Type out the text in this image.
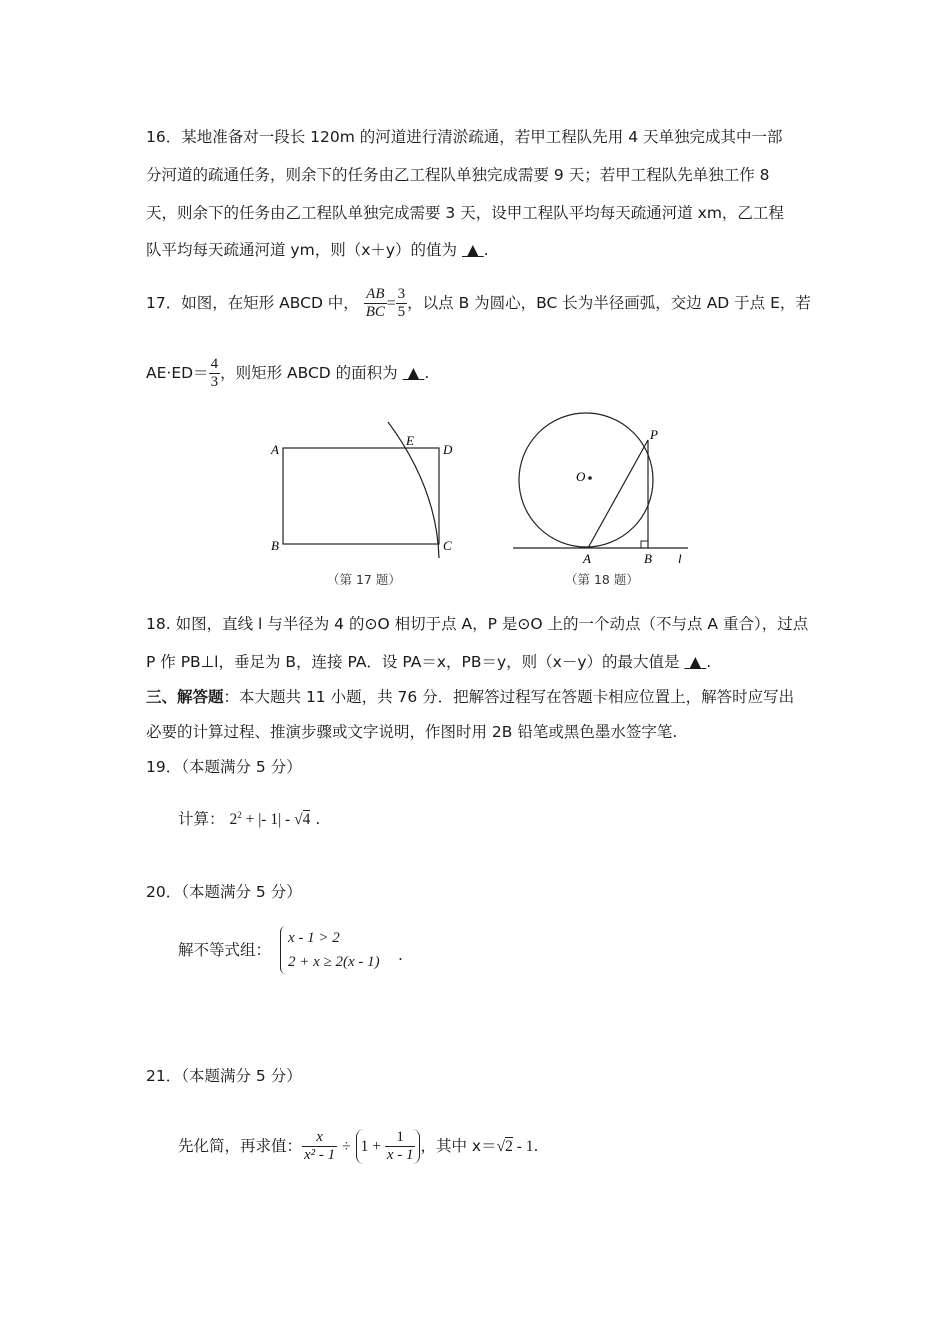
16．某地准备对一段长 120m 的河道进行清淤疏通，若甲工程队先用 4 天单独完成其中一部
分河道的疏通任务，则余下的任务由乙工程队单独完成需要 9 天；若甲工程队先单独工作 8
天，则余下的任务由乙工程队单独完成需要 3 天，设甲工程队平均每天疏通河道 xm，乙工程
队平均每天疏通河道 ym，则（x＋y）的值为 ▲ .
17．如图，在矩形 ABCD 中， $\frac{AB}{BC} = \frac{3}{5}$ ，以点 B 为圆心，BC 长为半径画弧，交边 AD 于点 E，若
$AE\cdot ED= \frac{4}{3}$ ，则矩形 ABCD 的面积为 ▲ .
A
B	C
D
E
（第 17 题）
O
P
A	B l
（第 18 题）
18. 如图，直线 l 与半径为 4 的⊙O 相切于点 A，P 是⊙O 上的一个动点（不与点 A 重合），过点
P 作 PB⊥l，垂足为 B，连接 PA．设 PA＝x，PB＝y，则（x－y）的最大值是 ▲ .
三、解答题：本大题共 11 小题，共 76 分．把解答过程写在答题卡相应位置上，解答时应写出
必要的计算过程、推演步骤或文字说明，作图时用 2B 铅笔或黑色墨水签字笔.
19．（本题满分 5 分）
计算： $2^2$ + |- 1| - √4 .
20．（本题满分 5 分）
解不等式组：
x - 1 > 2
2 + x ≥ 2(x - 1) .
21．（本题满分 5 分）
先化简，再求值： $\frac{x}{\text{x² - 1}} \div 1 + \frac{1}{x - 1}$ ，其中 x＝√2 - 1.
